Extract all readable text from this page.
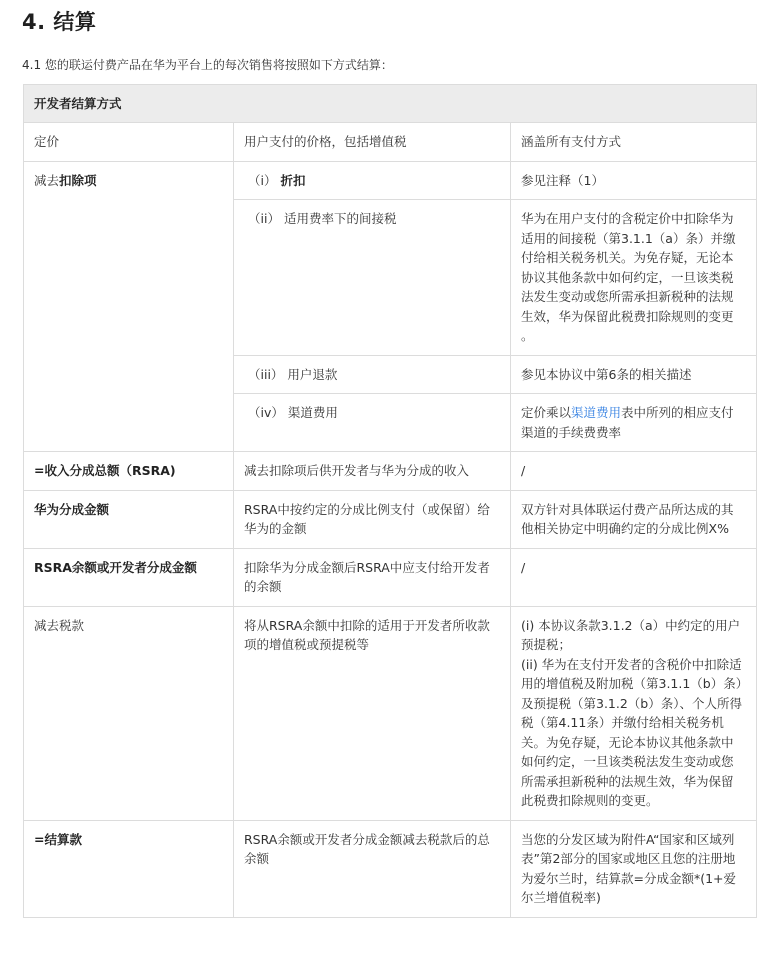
4. 结算

4.1 您的联运付费产品在华为平台上的每次销售将按照如下方式结算：

开发者结算方式		
定价	用户支付的价格，包括增值税	涵盖所有支付方式
减去扣除项	（i） 折扣	参见注释（1）
	（ii） 适用费率下的间接税	华为在用户支付的含税定价中扣除华为适用的间接税（第3.1.1（a）条）并缴付给相关税务机关。为免存疑，无论本协议其他条款中如何约定，一旦该类税法发生变动或您所需承担新税种的法规生效，华为保留此税费扣除规则的变更 。
	（iii） 用户退款	参见本协议中第6条的相关描述
	（iv） 渠道费用	定价乘以渠道费用表中所列的相应支付渠道的手续费费率
=收入分成总额（RSRA)	减去扣除项后供开发者与华为分成的收入	/
华为分成金额	RSRA中按约定的分成比例支付（或保留）给华为的金额	双方针对具体联运付费产品所达成的其他相关协定中明确约定的分成比例X%
RSRA余额或开发者分成金额	扣除华为分成金额后RSRA中应支付给开发者的余额	/
减去税款	将从RSRA余额中扣除的适用于开发者所收款项的增值税或预提税等	(i) 本协议条款3.1.2（a）中约定的用户预提税；
(ii) 华为在支付开发者的含税价中扣除适用的增值税及附加税（第3.1.1（b）条）及预提税（第3.1.2（b）条）、个人所得税（第4.11条）并缴付给相关税务机关。为免存疑，无论本协议其他条款中如何约定，一旦该类税法发生变动或您所需承担新税种的法规生效，华为保留此税费扣除规则的变更。

=结算款	RSRA余额或开发者分成金额减去税款后的总余额	当您的分发区域为附件A“国家和区域列表”第2部分的国家或地区且您的注册地为爱尔兰时，结算款=分成金额*(1+爱尔兰增值税率)
